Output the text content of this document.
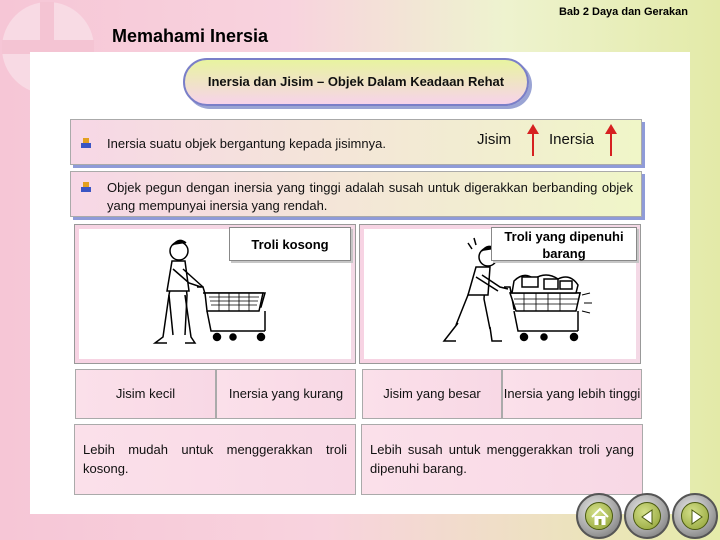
Bab 2 Daya dan Gerakan
Memahami Inersia
Inersia dan Jisim – Objek Dalam Keadaan Rehat
Inersia suatu objek bergantung kepada jisimnya.	Jisim	Inersia
Objek pegun dengan inersia yang tinggi adalah susah untuk digerakkan berbanding objek yang mempunyai inersia yang rendah.
Troli kosong
Troli yang dipenuhi barang
Jisim kecil	Inersia yang kurang	Jisim yang besar	Inersia yang lebih tinggi
Lebih mudah untuk menggerakkan troli kosong.
Lebih susah untuk menggerakkan troli yang dipenuhi barang.
